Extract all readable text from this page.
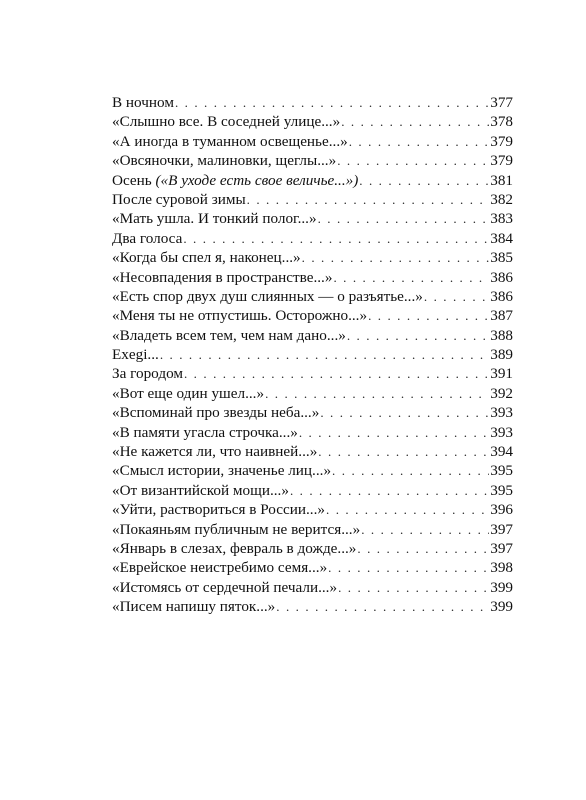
В ночном . . .	377
«Слышно все. В соседней улице...» . . .	378
«А иногда в туманном освещенье...» . . .	379
«Овсяночки, малиновки, щеглы...» . . .	379
Осень («В уходе есть свое величье...») . . .	381
После суровой зимы . . .	382
«Мать ушла. И тонкий полог...» . . .	383
Два голоса . . .	384
«Когда бы спел я, наконец...» . . .	385
«Несовпадения в пространстве...» . . .	386
«Есть спор двух душ слиянных — о разъятье...» . . .	386
«Меня ты не отпустишь. Осторожно...» . . .	387
«Владеть всем тем, чем нам дано...» . . .	388
Exegi... . . .	389
За городом . . .	391
«Вот еще один ушел...» . . .	392
«Вспоминай про звезды неба...» . . .	393
«В памяти угасла строчка...» . . .	393
«Не кажется ли, что наивней...» . . .	394
«Смысл истории, значенье лиц...» . . .	395
«От византийской мощи...» . . .	395
«Уйти, раствориться в России...» . . .	396
«Покаяньям публичным не верится...» . . .	397
«Январь в слезах, февраль в дожде...» . . .	397
«Еврейское неистребимо семя...» . . .	398
«Истомясь от сердечной печали...» . . .	399
«Писем напишу пяток...» . . .	399
